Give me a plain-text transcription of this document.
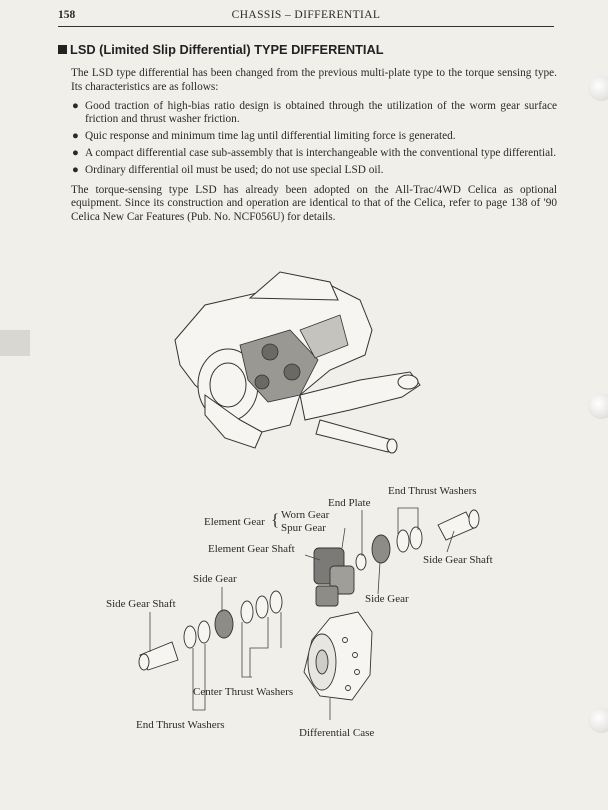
158	CHASSIS – DIFFERENTIAL
LSD (Limited Slip Differential) TYPE DIFFERENTIAL

The LSD type differential has been changed from the previous multi-plate type to the torque sensing type. Its characteristics are as follows:

● Good traction of high-bias ratio design is obtained through the utilization of the worm gear surface friction and thrust washer friction.
● Quic response and minimum time lag until differential limiting force is generated.
● A compact differential case sub-assembly that is interchangeable with the conventional type differential.
● Ordinary differential oil must be used; do not use special LSD oil.

The torque-sensing type LSD has already been adopted on the All-Trac/4WD Celica as optional equipment. Since its construction and operation are identical to that of the Celica, refer to page 138 of '90 Celica New Car Features (Pub. No. NCF056U) for details.

End Thrust Washers
End Plate
Element Gear { Worn Gear
Spur Gear
Element Gear Shaft
Side Gear Shaft
Side Gear
Side Gear Shaft	Side Gear
Center Thrust Washers
End Thrust Washers
Differential Case
